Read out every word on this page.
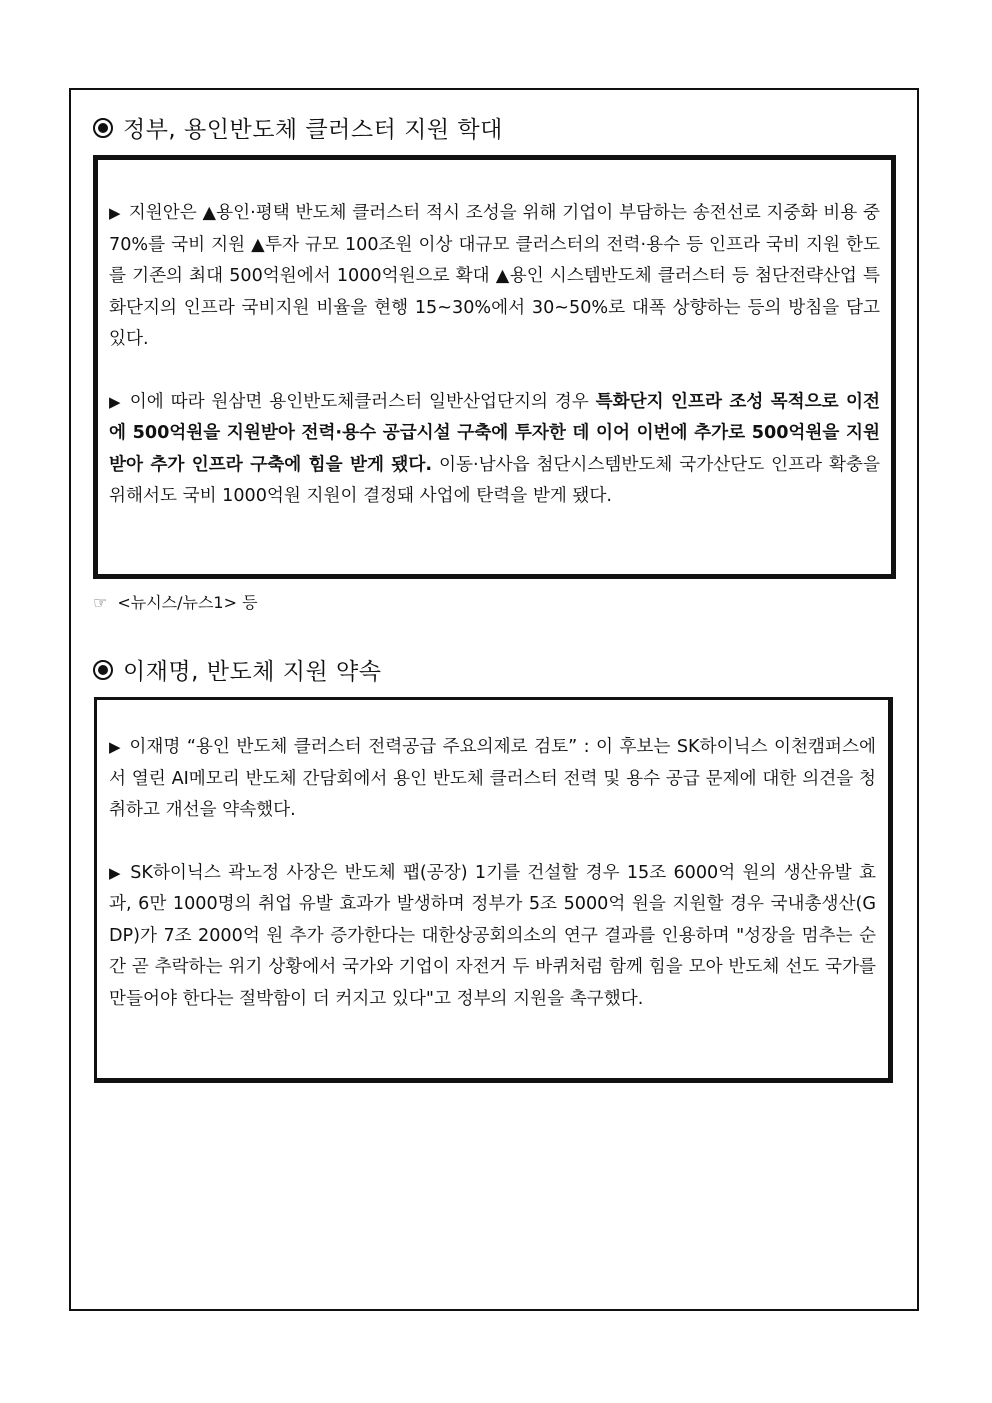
정부, 용인반도체 클러스터 지원 학대
▶ 지원안은 ▲용인·평택 반도체 클러스터 적시 조성을 위해 기업이 부담하는 송전선로 지중화 비용 중 70%를 국비 지원 ▲투자 규모 100조원 이상 대규모 클러스터의 전력·용수 등 인프라 국비 지원 한도를 기존의 최대 500억원에서 1000억원으로 확대 ▲용인 시스템반도체 클러스터 등 첨단전략산업 특화단지의 인프라 국비지원 비율을 현행 15~30%에서 30~50%로 대폭 상향하는 등의 방침을 담고 있다.
▶ 이에 따라 원삼면 용인반도체클러스터 일반산업단지의 경우 특화단지 인프라 조성 목적으로 이전에 500억원을 지원받아 전력·용수 공급시설 구축에 투자한 데 이어 이번에 추가로 500억원을 지원받아 추가 인프라 구축에 힘을 받게 됐다. 이동·남사읍 첨단시스템반도체 국가산단도 인프라 확충을 위해서도 국비 1000억원 지원이 결정돼 사업에 탄력을 받게 됐다.
☞ <뉴시스/뉴스1> 등
이재명, 반도체 지원 약속
▶ 이재명 “용인 반도체 클러스터 전력공급 주요의제로 검토” : 이 후보는 SK하이닉스 이천캠퍼스에서 열린 AI메모리 반도체 간담회에서 용인 반도체 클러스터 전력 및 용수 공급 문제에 대한 의견을 청취하고 개선을 약속했다.
▶ SK하이닉스 곽노정 사장은 반도체 팹(공장) 1기를 건설할 경우 15조 6000억 원의 생산유발 효과, 6만 1000명의 취업 유발 효과가 발생하며 정부가 5조 5000억 원을 지원할 경우 국내총생산(GDP)가 7조 2000억 원 추가 증가한다는 대한상공회의소의 연구 결과를 인용하며 "성장을 멈추는 순간 곧 추락하는 위기 상황에서 국가와 기업이 자전거 두 바퀴처럼 함께 힘을 모아 반도체 선도 국가를 만들어야 한다는 절박함이 더 커지고 있다"고 정부의 지원을 촉구했다.
